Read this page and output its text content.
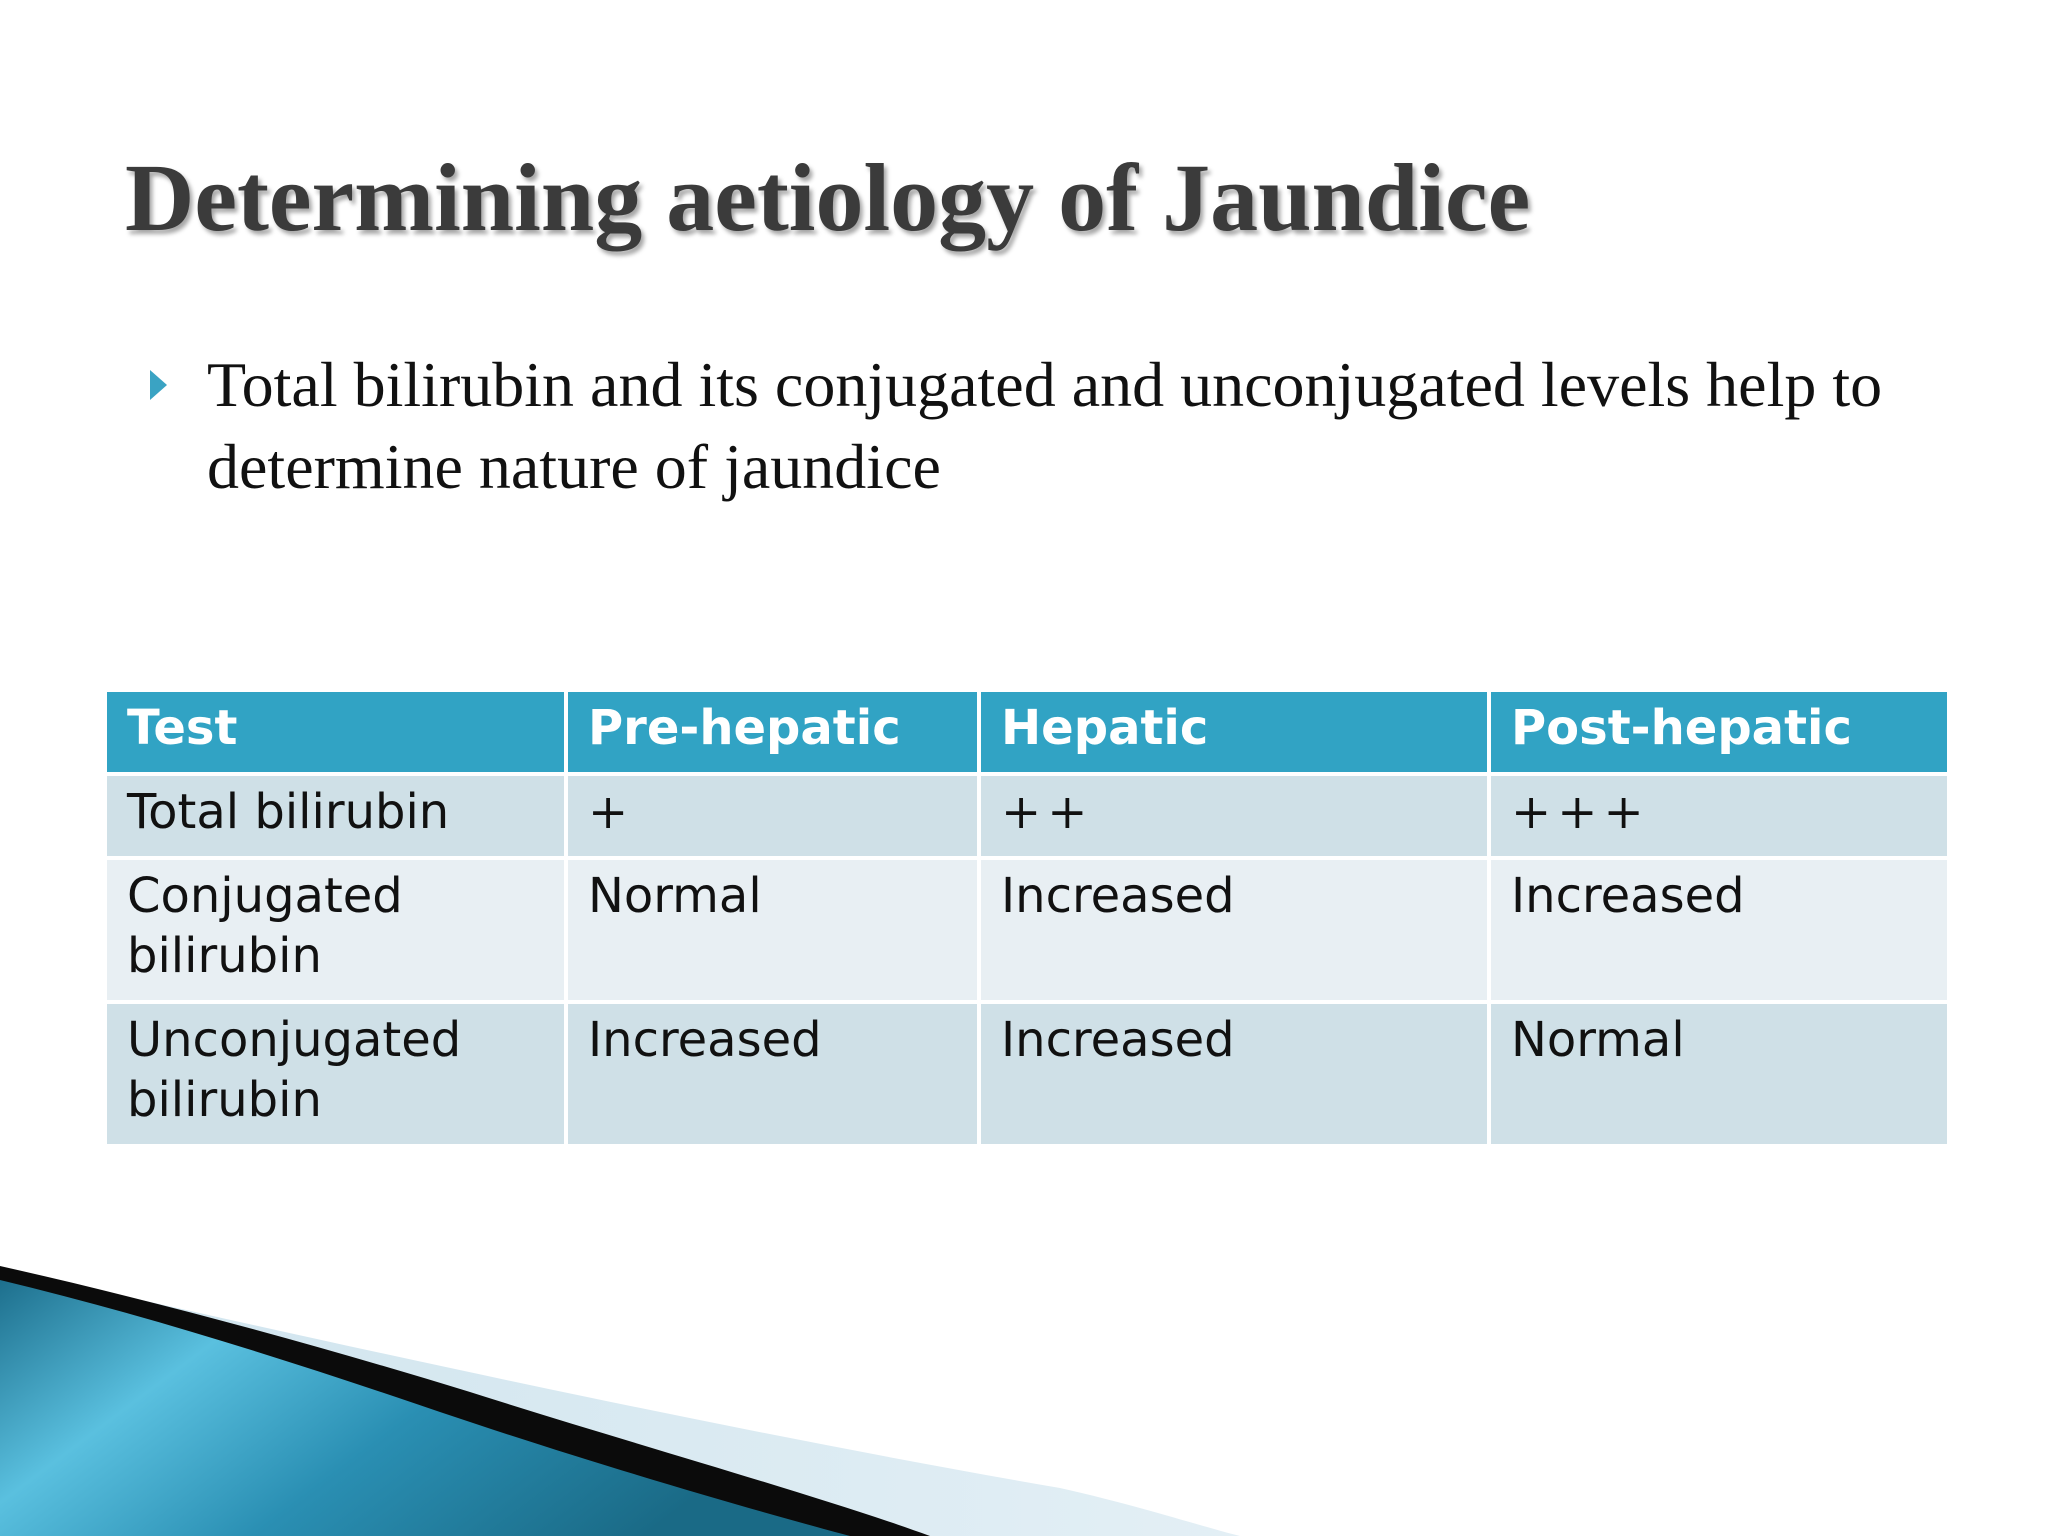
Determining aetiology of Jaundice

Total bilirubin and its conjugated and unconjugated levels help to determine nature of jaundice

Test	Pre-hepatic	Hepatic	Post-hepatic
Total bilirubin	+	++	+++
Conjugated bilirubin	Normal	Increased	Increased
Unconjugated bilirubin	Increased	Increased	Normal
